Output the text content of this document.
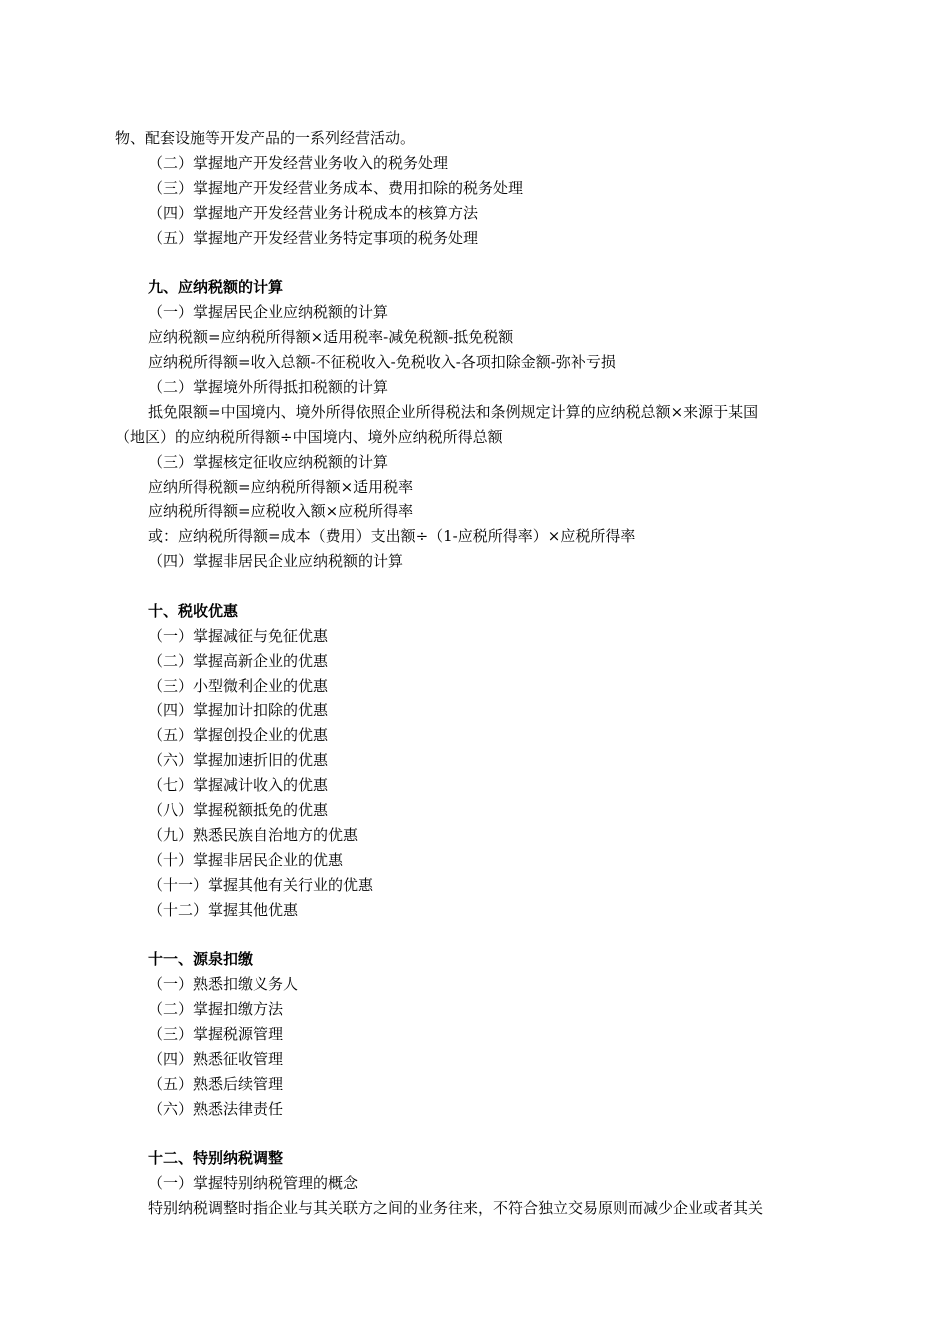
物、配套设施等开发产品的一系列经营活动。
（二）掌握地产开发经营业务收入的税务处理
（三）掌握地产开发经营业务成本、费用扣除的税务处理
（四）掌握地产开发经营业务计税成本的核算方法
（五）掌握地产开发经营业务特定事项的税务处理
九、应纳税额的计算
（一）掌握居民企业应纳税额的计算
应纳税额=应纳税所得额×适用税率-减免税额-抵免税额
应纳税所得额=收入总额-不征税收入-免税收入-各项扣除金额-弥补亏损
（二）掌握境外所得抵扣税额的计算
抵免限额=中国境内、境外所得依照企业所得税法和条例规定计算的应纳税总额×来源于某国
（地区）的应纳税所得额÷中国境内、境外应纳税所得总额
（三）掌握核定征收应纳税额的计算
应纳所得税额=应纳税所得额×适用税率
应纳税所得额=应税收入额×应税所得率
或：应纳税所得额=成本（费用）支出额÷（1-应税所得率）×应税所得率
（四）掌握非居民企业应纳税额的计算
十、税收优惠
（一）掌握减征与免征优惠
（二）掌握高新企业的优惠
（三）小型微利企业的优惠
（四）掌握加计扣除的优惠
（五）掌握创投企业的优惠
（六）掌握加速折旧的优惠
（七）掌握减计收入的优惠
（八）掌握税额抵免的优惠
（九）熟悉民族自治地方的优惠
（十）掌握非居民企业的优惠
（十一）掌握其他有关行业的优惠
（十二）掌握其他优惠
十一、源泉扣缴
（一）熟悉扣缴义务人
（二）掌握扣缴方法
（三）掌握税源管理
（四）熟悉征收管理
（五）熟悉后续管理
（六）熟悉法律责任
十二、特别纳税调整
（一）掌握特别纳税管理的概念
特别纳税调整时指企业与其关联方之间的业务往来，不符合独立交易原则而减少企业或者其关
